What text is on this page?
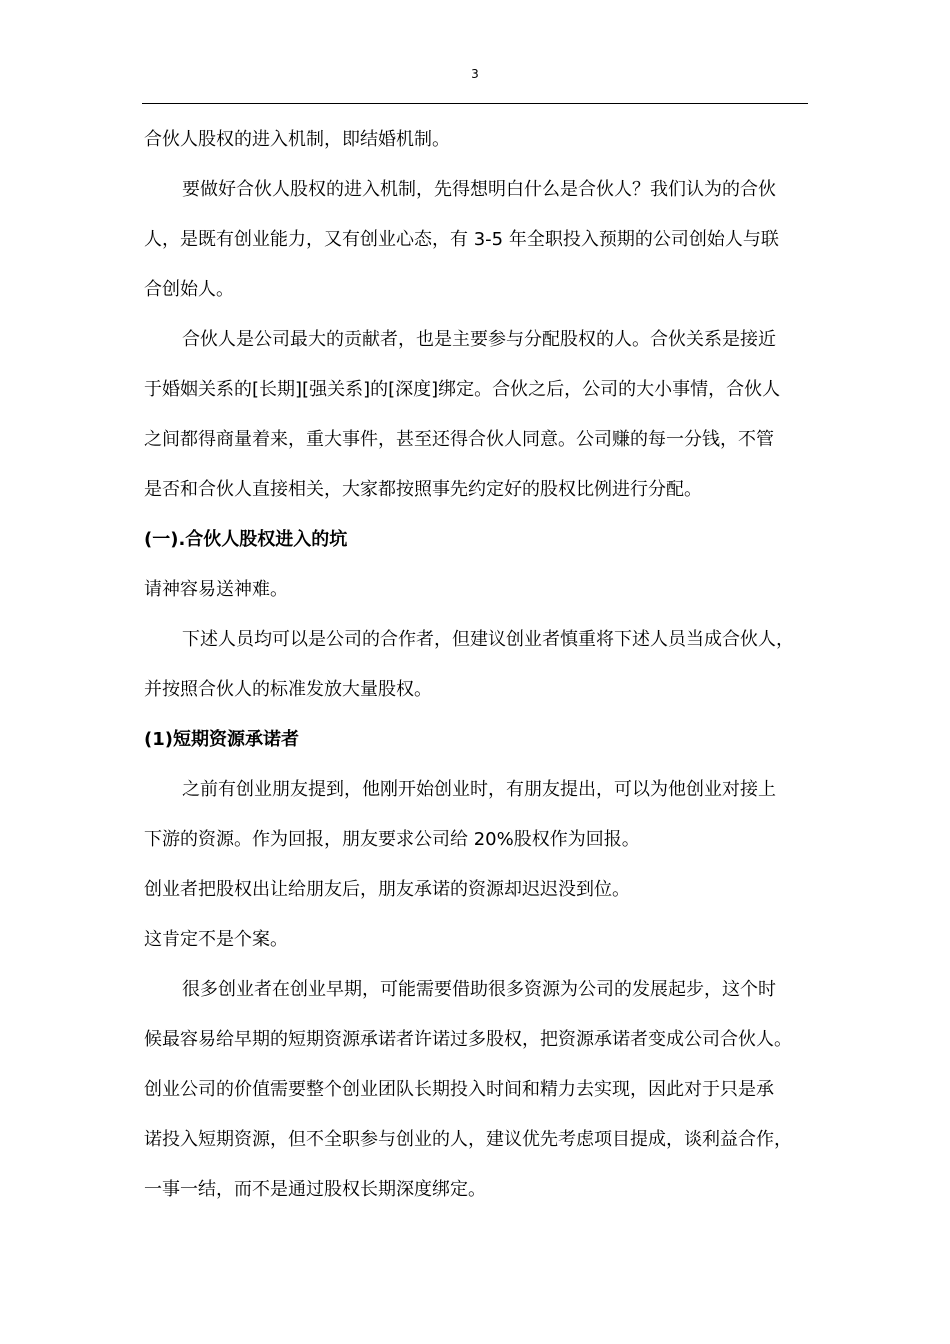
3
合伙人股权的进入机制，即结婚机制。
要做好合伙人股权的进入机制，先得想明白什么是合伙人？我们认为的合伙
人，是既有创业能力，又有创业心态，有 3-5 年全职投入预期的公司创始人与联
合创始人。
合伙人是公司最大的贡献者，也是主要参与分配股权的人。合伙关系是接近
于婚姻关系的[长期][强关系]的[深度]绑定。合伙之后，公司的大小事情，合伙人
之间都得商量着来，重大事件，甚至还得合伙人同意。公司赚的每一分钱，不管
是否和合伙人直接相关，大家都按照事先约定好的股权比例进行分配。
(一).合伙人股权进入的坑
请神容易送神难。
下述人员均可以是公司的合作者，但建议创业者慎重将下述人员当成合伙人，
并按照合伙人的标准发放大量股权。
(1)短期资源承诺者
之前有创业朋友提到，他刚开始创业时，有朋友提出，可以为他创业对接上
下游的资源。作为回报，朋友要求公司给 20%股权作为回报。
创业者把股权出让给朋友后，朋友承诺的资源却迟迟没到位。
这肯定不是个案。
很多创业者在创业早期，可能需要借助很多资源为公司的发展起步，这个时
候最容易给早期的短期资源承诺者许诺过多股权，把资源承诺者变成公司合伙人。
创业公司的价值需要整个创业团队长期投入时间和精力去实现，因此对于只是承
诺投入短期资源，但不全职参与创业的人，建议优先考虑项目提成，谈利益合作，
一事一结，而不是通过股权长期深度绑定。
